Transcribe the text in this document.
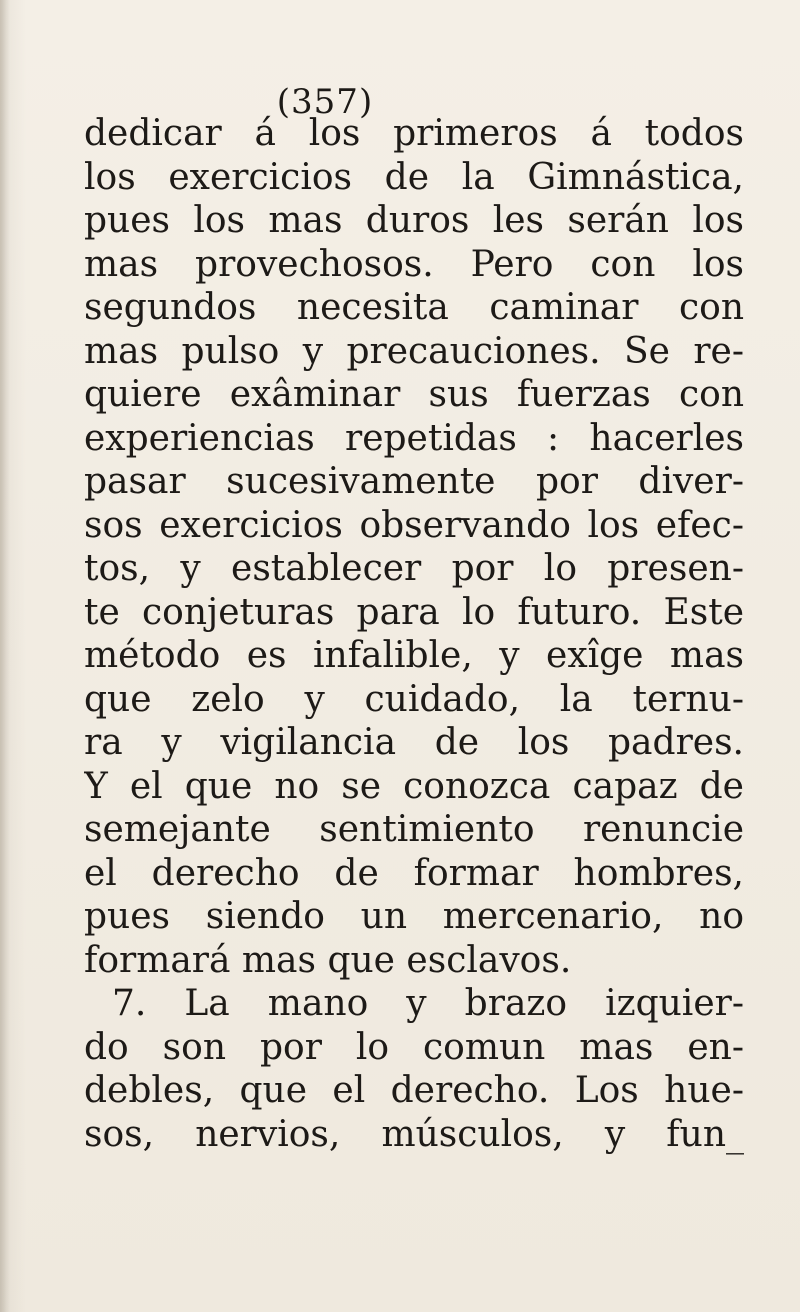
(357)
dedicar á los primeros á todos
los exercicios de la Gimnástica,
pues los mas duros les serán los
mas provechosos. Pero con los
segundos necesita caminar con
mas pulso y precauciones. Se re-
quiere exâminar sus fuerzas con
experiencias repetidas : hacerles
pasar sucesivamente por diver-
sos exercicios observando los efec-
tos, y establecer por lo presen-
te conjeturas para lo futuro. Este
método es infalible, y exîge mas
que zelo y cuidado, la ternu-
ra y vigilancia de los padres.
Y el que no se conozca capaz de
semejante sentimiento renuncie
el derecho de formar hombres,
pues siendo un mercenario, no
formará mas que esclavos.
7. La mano y brazo izquier-
do son por lo comun mas en-
debles, que el derecho. Los hue-
sos, nervios, músculos, y fun_
